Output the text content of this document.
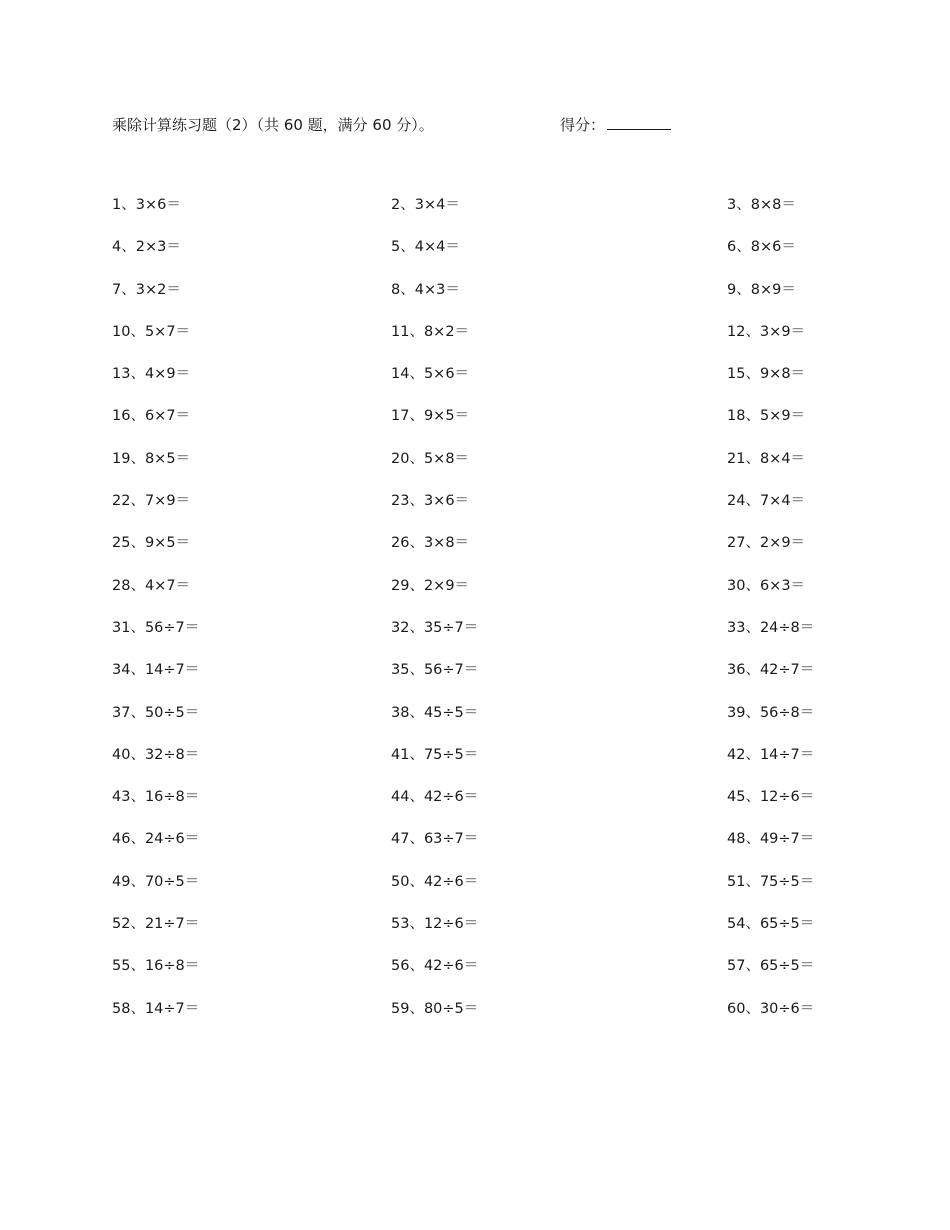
乘除计算练习题（2）（共 60 题，满分 60 分）。	得分：
1、3×6＝	2、3×4＝	3、8×8＝
4、2×3＝	5、4×4＝	6、8×6＝
7、3×2＝	8、4×3＝	9、8×9＝
10、5×7＝	11、8×2＝	12、3×9＝
13、4×9＝	14、5×6＝	15、9×8＝
16、6×7＝	17、9×5＝	18、5×9＝
19、8×5＝	20、5×8＝	21、8×4＝
22、7×9＝	23、3×6＝	24、7×4＝
25、9×5＝	26、3×8＝	27、2×9＝
28、4×7＝	29、2×9＝	30、6×3＝
31、56÷7＝	32、35÷7＝	33、24÷8＝
34、14÷7＝	35、56÷7＝	36、42÷7＝
37、50÷5＝	38、45÷5＝	39、56÷8＝
40、32÷8＝	41、75÷5＝	42、14÷7＝
43、16÷8＝	44、42÷6＝	45、12÷6＝
46、24÷6＝	47、63÷7＝	48、49÷7＝
49、70÷5＝	50、42÷6＝	51、75÷5＝
52、21÷7＝	53、12÷6＝	54、65÷5＝
55、16÷8＝	56、42÷6＝	57、65÷5＝
58、14÷7＝	59、80÷5＝	60、30÷6＝
